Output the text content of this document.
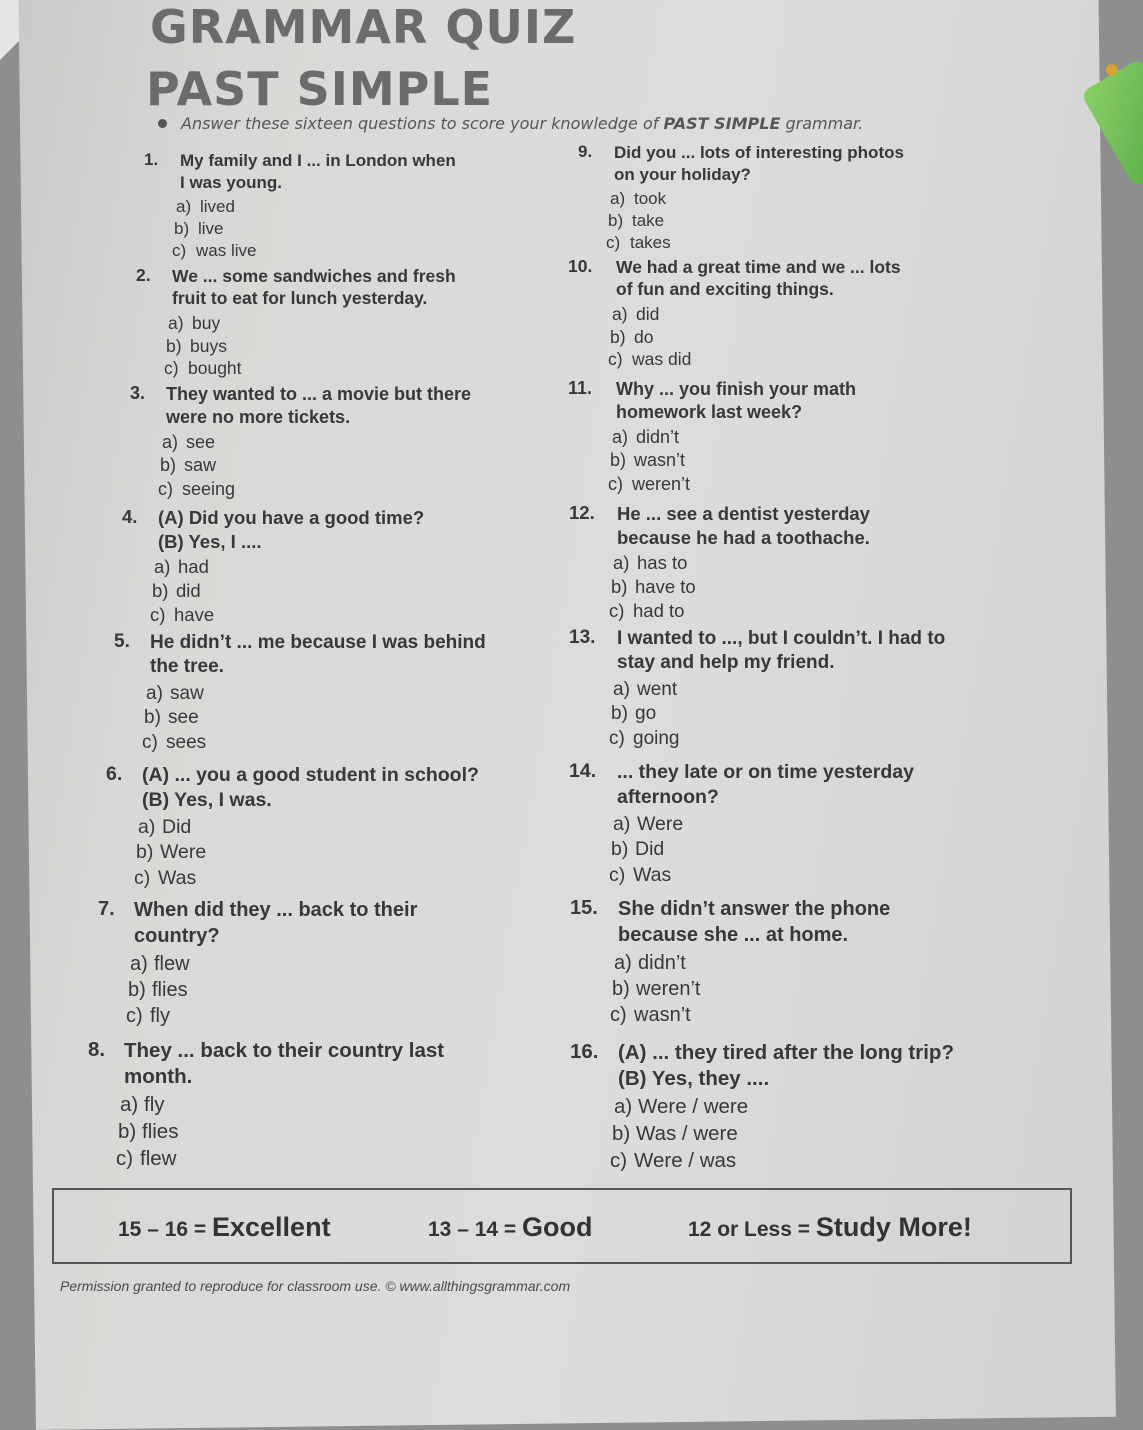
GRAMMAR QUIZ
PAST SIMPLE
Answer these sixteen questions to score your knowledge of PAST SIMPLE grammar.
1. My family and I ... in London when
I was young.
a) lived
b) live
c) was live
2. We ... some sandwiches and fresh
fruit to eat for lunch yesterday.
a) buy
b) buys
c) bought
3. They wanted to ... a movie but there
were no more tickets.
a) see
b) saw
c) seeing
4. (A) Did you have a good time?
(B) Yes, I ....
a) had
b) did
c) have
5. He didn’t ... me because I was behind
the tree.
a) saw
b) see
c) sees
6. (A) ... you a good student in school?
(B) Yes, I was.
a) Did
b) Were
c) Was
7. When did they ... back to their
country?
a) flew
b) flies
c) fly
8. They ... back to their country last
month.
a) fly
b) flies
c) flew
9. Did you ... lots of interesting photos
on your holiday?
a) took
b) take
c) takes
10. We had a great time and we ... lots
of fun and exciting things.
a) did
b) do
c) was did
11. Why ... you finish your math
homework last week?
a) didn’t
b) wasn’t
c) weren’t
12. He ... see a dentist yesterday
because he had a toothache.
a) has to
b) have to
c) had to
13. I wanted to ..., but I couldn’t. I had to
stay and help my friend.
a) went
b) go
c) going
14. ... they late or on time yesterday
afternoon?
a) Were
b) Did
c) Was
15. She didn’t answer the phone
because she ... at home.
a) didn’t
b) weren’t
c) wasn’t
16. (A) ... they tired after the long trip?
(B) Yes, they ....
a) Were / were
b) Was / were
c) Were / was
15 – 16 = Excellent	13 – 14 = Good	12 or Less = Study More!
Permission granted to reproduce for classroom use. © www.allthingsgrammar.com
